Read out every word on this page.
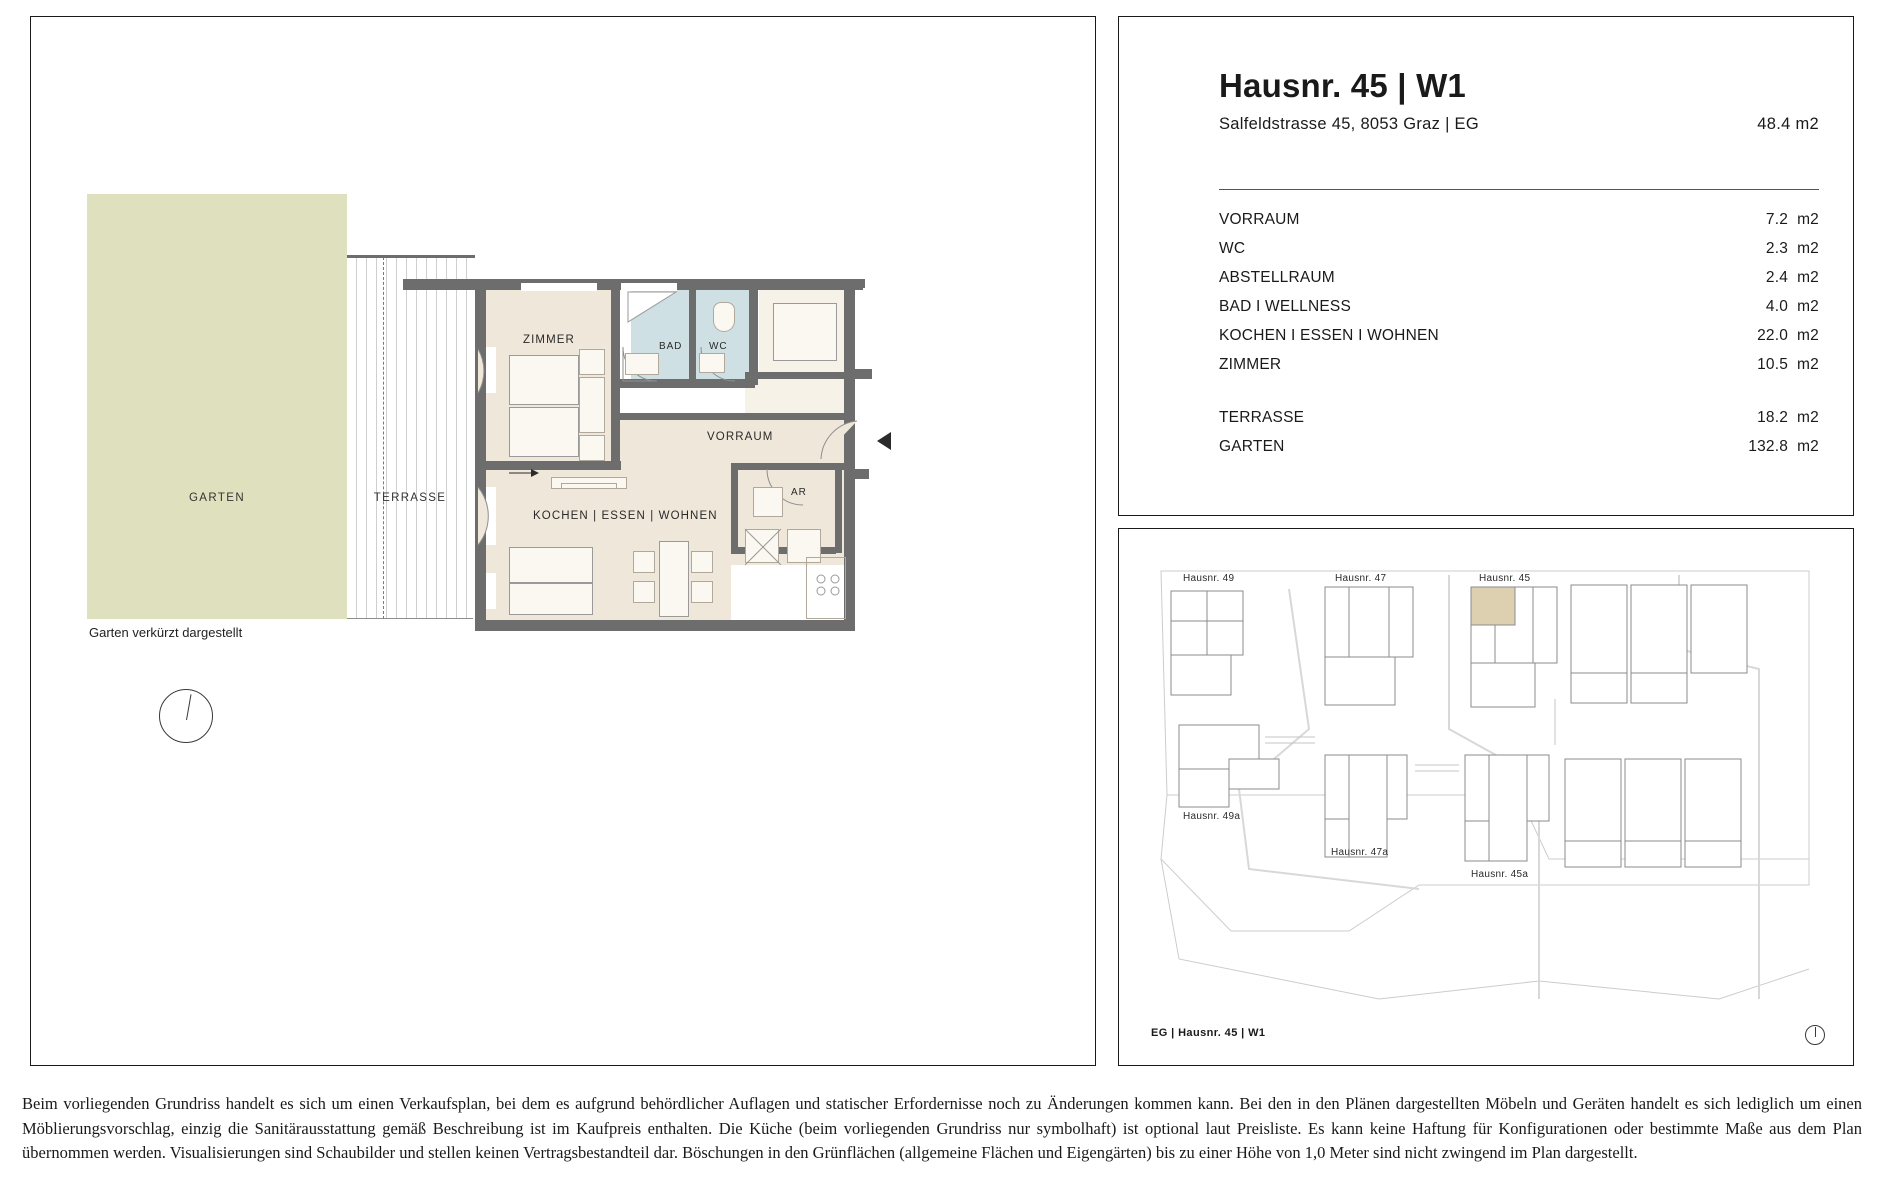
GARTEN	TERRASSE
Garten verkürzt dargestellt
ZIMMER
BAD	WC
VORRAUM
AR
KOCHEN | ESSEN | WOHNEN
Hausnr. 45 | W1
Salfeldstrasse 45, 8053 Graz | EG	48.4 m2
VORRAUM	7.2  m2
WC	2.3  m2
ABSTELLRAUM	2.4  m2
BAD I WELLNESS	4.0  m2
KOCHEN I ESSEN I WOHNEN	22.0  m2
ZIMMER	10.5  m2
TERRASSE	18.2  m2
GARTEN	132.8  m2
Hausnr. 49	Hausnr. 47	Hausnr. 45
Hausnr. 49a
Hausnr. 47a
Hausnr. 45a
EG | Hausnr. 45 | W1
Beim vorliegenden Grundriss handelt es sich um einen Verkaufsplan, bei dem es aufgrund behördlicher Auflagen und statischer Erfordernisse noch zu Änderungen kommen kann. Bei den in den Plänen dargestellten Möbeln und Geräten handelt es sich lediglich um einen Möblierungsvorschlag, einzig die Sanitärausstattung gemäß Beschreibung ist im Kaufpreis enthalten. Die Küche (beim vorliegenden Grundriss nur symbolhaft) ist optional laut Preisliste. Es kann keine Haftung für Konfigurationen oder bestimmte Maße aus dem Plan übernommen werden. Visualisierungen sind Schaubilder und stellen keinen Vertragsbestandteil dar. Böschungen in den Grünflächen (allgemeine Flächen und Eigengärten) bis zu einer Höhe von 1,0 Meter sind nicht zwingend im Plan dargestellt.
